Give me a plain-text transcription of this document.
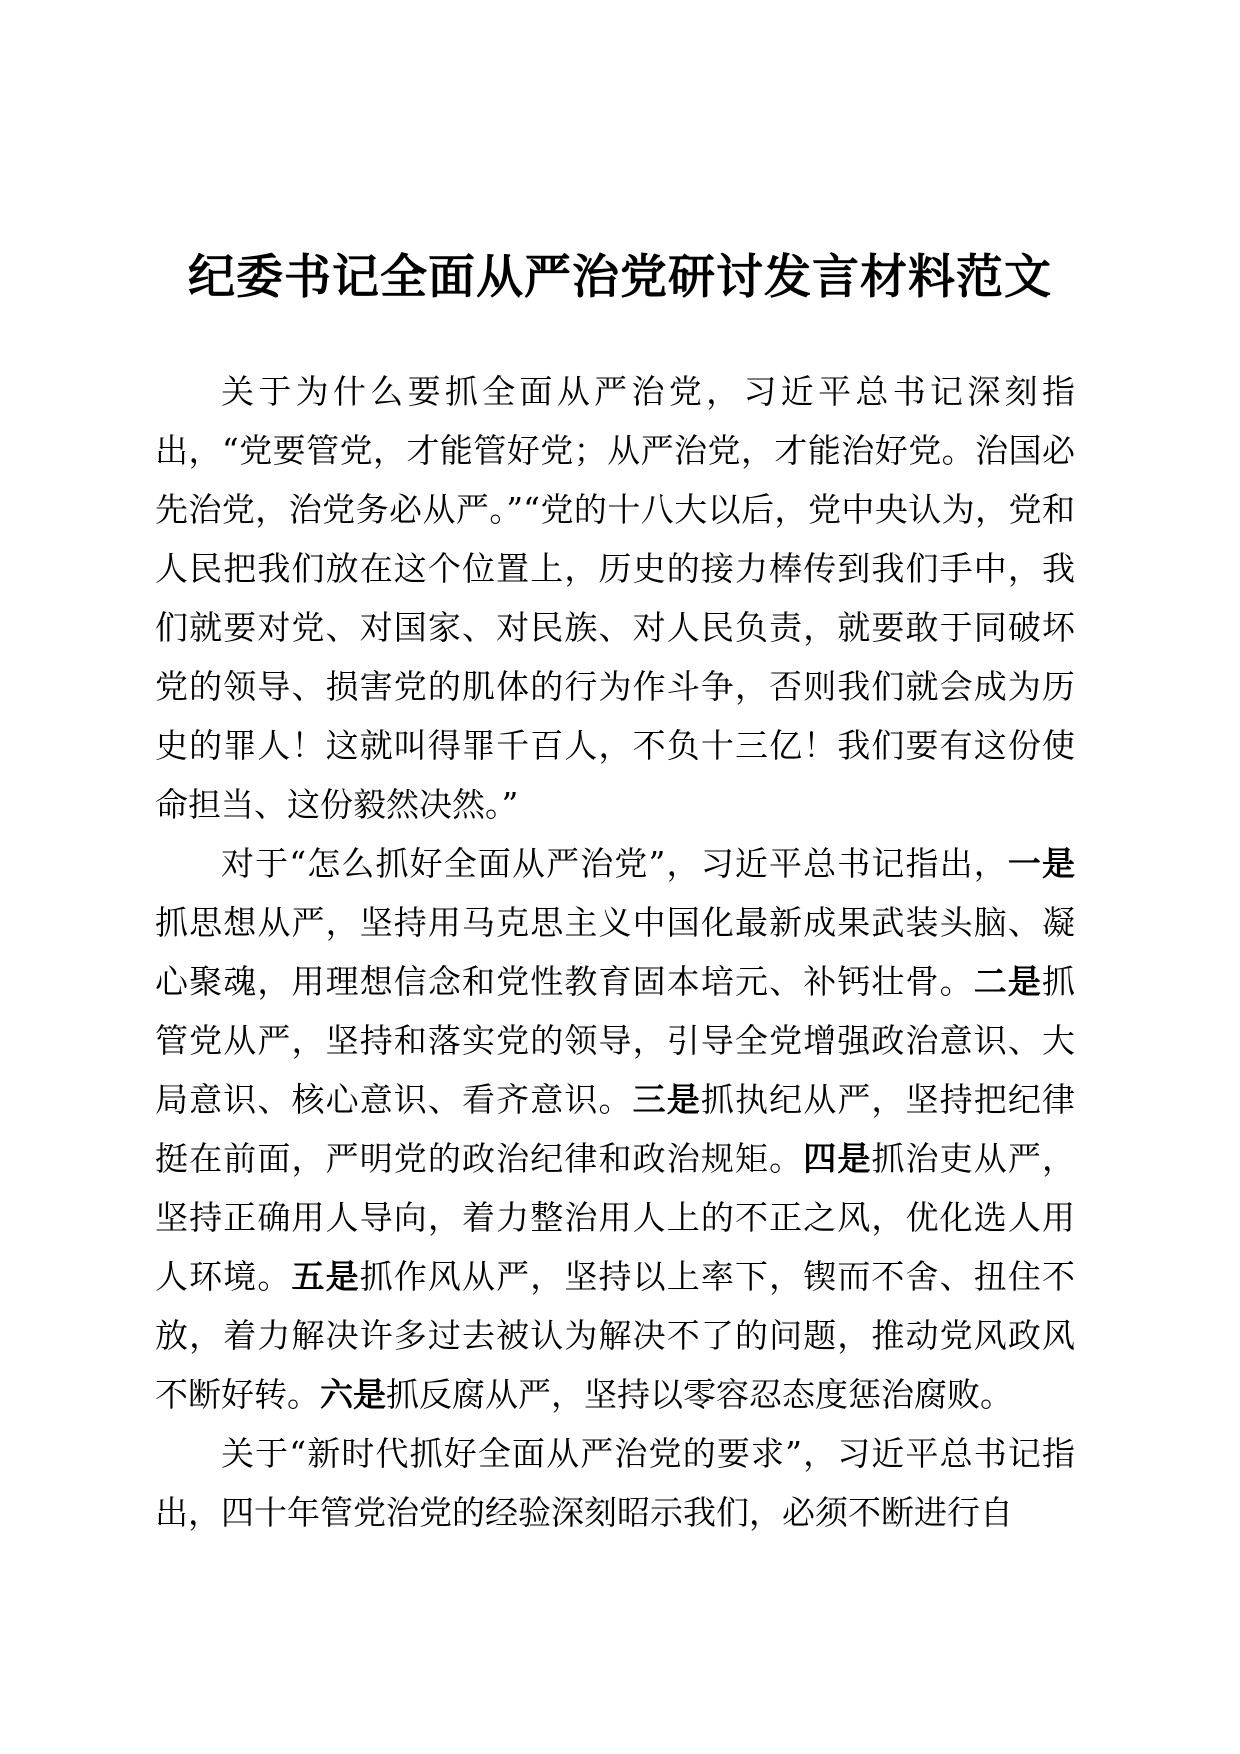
纪委书记全面从严治党研讨发言材料范文

关于为什么要抓全面从严治党，习近平总书记深刻指出，“党要管党，才能管好党；从严治党，才能治好党。治国必先治党，治党务必从严。”“党的十八大以后，党中央认为，党和人民把我们放在这个位置上，历史的接力棒传到我们手中，我们就要对党、对国家、对民族、对人民负责，就要敢于同破坏党的领导、损害党的肌体的行为作斗争，否则我们就会成为历史的罪人！这就叫得罪千百人，不负十三亿！我们要有这份使命担当、这份毅然决然。”

对于“怎么抓好全面从严治党”，习近平总书记指出，一是抓思想从严，坚持用马克思主义中国化最新成果武装头脑、凝心聚魂，用理想信念和党性教育固本培元、补钙壮骨。二是抓管党从严，坚持和落实党的领导，引导全党增强政治意识、大局意识、核心意识、看齐意识。三是抓执纪从严，坚持把纪律挺在前面，严明党的政治纪律和政治规矩。四是抓治吏从严，坚持正确用人导向，着力整治用人上的不正之风，优化选人用人环境。五是抓作风从严，坚持以上率下，锲而不舍、扭住不放，着力解决许多过去被认为解决不了的问题，推动党风政风不断好转。六是抓反腐从严，坚持以零容忍态度惩治腐败。

关于“新时代抓好全面从严治党的要求”，习近平总书记指出，四十年管党治党的经验深刻昭示我们，必须不断进行自
